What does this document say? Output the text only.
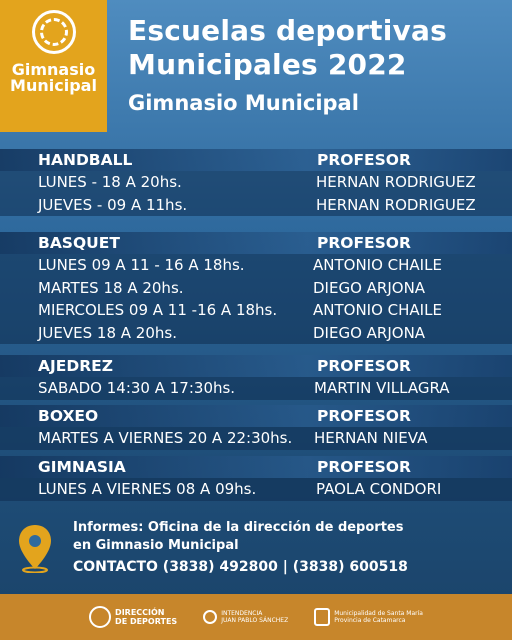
Gimnasio
Municipal
Escuelas deportivas
Municipales 2022
Gimnasio Municipal
HANDBALL	PROFESOR
LUNES - 18 A 20hs.	HERNAN RODRIGUEZ
JUEVES - 09 A 11hs.	HERNAN RODRIGUEZ
BASQUET	PROFESOR
LUNES 09 A 11 - 16 A 18hs.	ANTONIO CHAILE
MARTES 18 A 20hs.	DIEGO ARJONA
MIERCOLES 09 A 11 -16 A 18hs. ANTONIO CHAILE
JUEVES 18 A 20hs.	DIEGO ARJONA
AJEDREZ	PROFESOR
SABADO 14:30 A 17:30hs.	MARTIN VILLAGRA
BOXEO	PROFESOR
MARTES A VIERNES 20 A 22:30hs. HERNAN NIEVA
GIMNASIA	PROFESOR
LUNES A VIERNES 08 A 09hs.	PAOLA CONDORI
Informes: Oficina de la dirección de deportes
en Gimnasio Municipal
CONTACTO (3838) 492800 | (3838) 600518
DIRECCIÓN
DE DEPORTES
INTENDENCIA
JUAN PABLO SÁNCHEZ
Municipalidad de Santa María
Provincia de Catamarca
